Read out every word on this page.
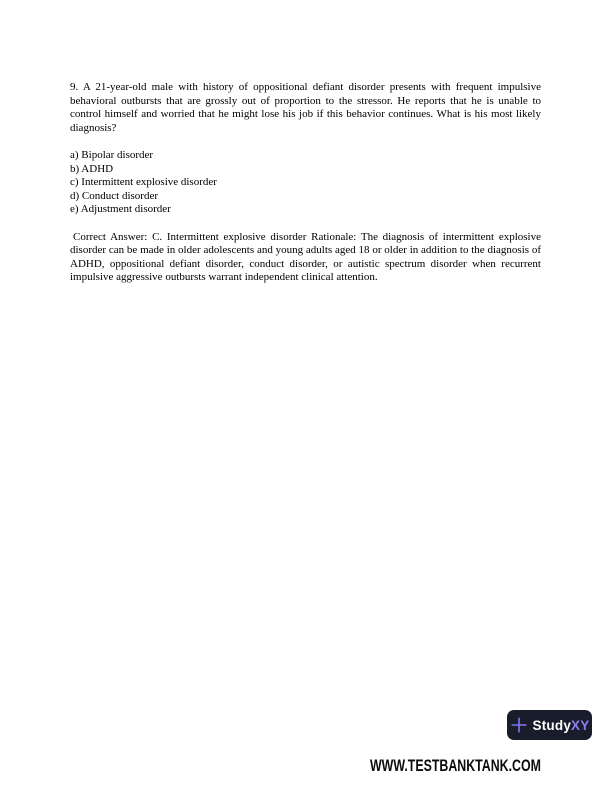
9. A 21-year-old male with history of oppositional defiant disorder presents with frequent impulsive behavioral outbursts that are grossly out of proportion to the stressor. He reports that he is unable to control himself and worried that he might lose his job if this behavior continues. What is his most likely diagnosis?

a) Bipolar disorder
b) ADHD
c) Intermittent explosive disorder
d) Conduct disorder
e) Adjustment disorder

Correct Answer: C. Intermittent explosive disorder Rationale: The diagnosis of intermittent explosive disorder can be made in older adolescents and young adults aged 18 or older in addition to the diagnosis of ADHD, oppositional defiant disorder, conduct disorder, or autistic spectrum disorder when recurrent impulsive aggressive outbursts warrant independent clinical attention.

StudyXY
WWW.TESTBANKTANK.COM
